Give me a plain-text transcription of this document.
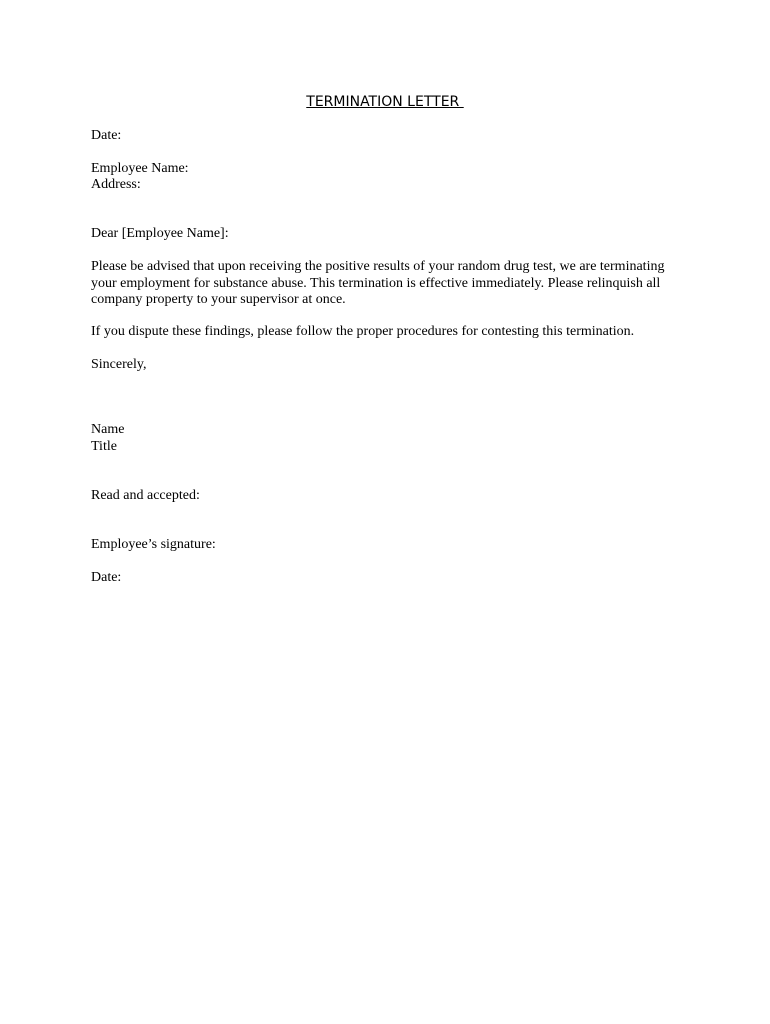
TERMINATION LETTER
Date:
Employee Name:
Address:
Dear [Employee Name]:
Please be advised that upon receiving the positive results of your random drug test, we are terminating
your employment for substance abuse. This termination is effective immediately. Please relinquish all
company property to your supervisor at once.
If you dispute these findings, please follow the proper procedures for contesting this termination.
Sincerely,
Name
Title
Read and accepted:
Employee’s signature:
Date:
